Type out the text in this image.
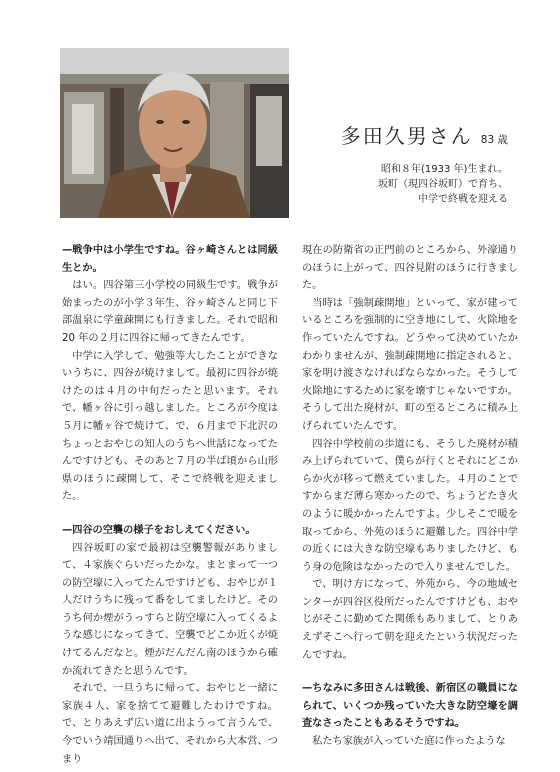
多田久男さん 83 歳
昭和８年(1933 年)生まれ。
坂町（現四谷坂町）で育ち、
中学で終戦を迎える

—戦争中は小学生ですね。谷ヶ崎さんとは同級生とか。

はい。四谷第三小学校の同級生です。戦争が始まったのが小学３年生、谷ヶ崎さんと同じ下部温泉に学童疎開にも行きました。それで昭和20 年の２月に四谷に帰ってきたんです。

中学に入学して、勉強等大したことができないうちに、四谷が焼けまして。最初に四谷が焼けたのは４月の中旬だったと思います。それで、幡ヶ谷に引っ越しました。ところが今度は５月に幡ヶ谷で焼けて、で、６月まで下北沢のちょっとおやじの知人のうちへ世話になってたんですけども、そのあと７月の半ば頃から山形県のほうに疎開して、そこで終戦を迎えました。

—四谷の空襲の様子をおしえてください。

四谷坂町の家で最初は空襲警報がありまして、４家族ぐらいだったかな。まとまって一つの防空壕に入ってたんですけども、おやじが１人だけうちに残って番をしてましたけど。そのうち何か煙がうっすらと防空壕に入ってくるような感じになってきて、空襲でどこか近くが焼けてるんだなと。煙がだんだん南のほうから確か流れてきたと思うんです。

それで、一旦うちに帰って、おやじと一緒に家族４人、家を捨てて避難したわけですね。で、とりあえず広い道に出ようって言うんで、今でいう靖国通りへ出て、それから大本営、つまり

現在の防衛省の正門前のところから、外濠通りのほうに上がって、四谷見附のほうに行きました。

当時は「強制疎開地」といって、家が建っているところを強制的に空き地にして、火除地を作っていたんですね。どうやって決めていたかわかりませんが、強制疎開地に指定されると、家を明け渡さなければならなかった。そうして火除地にするために家を壊すじゃないですか。そうして出た廃材が、町の至るところに積み上げられていたんです。

四谷中学校前の歩道にも、そうした廃材が積み上げられていて、僕らが行くとそれにどこからか火が移って燃えていました。４月のことですからまだ薄ら寒かったので、ちょうどたき火のように暖かかったんですよ。少しそこで暖を取ってから、外苑のほうに避難した。四谷中学の近くには大きな防空壕もありましたけど、もう身の危険はなかったので入りませんでした。

で、明け方になって、外苑から、今の地域センターが四谷区役所だったんですけども、おやじがそこに勤めてた関係もありまして、とりあえずそこへ行って朝を迎えたという状況だったんですね。

—ちなみに多田さんは戦後、新宿区の職員になられて、いくつか残っていた大きな防空壕を調査なさったこともあるそうですね。

私たち家族が入っていた庭に作ったような
